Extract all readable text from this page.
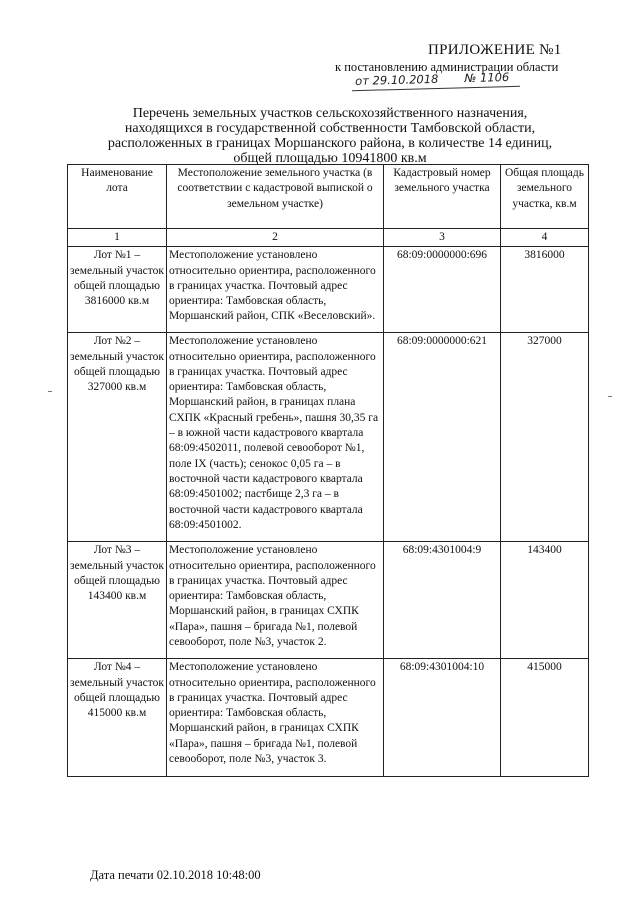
ПРИЛОЖЕНИЕ №1
к постановлению администрации области
от 29.10.2018 № 1106
Перечень земельных участков сельскохозяйственного назначения,
находящихся в государственной собственности Тамбовской области,
расположенных в границах Моршанского района, в количестве 14 единиц,
общей площадью 10941800 кв.м
Наименование лота	Местоположение земельного участка (в соответствии с кадастровой выпиской о земельном участке)	Кадастровый номер земельного участка	Общая площадь земельного участка, кв.м
1	2	3	4
Лот №1 – земельный участок общей площадью 3816000 кв.м	Местоположение установлено относительно ориентира, расположенного в границах участка. Почтовый адрес ориентира: Тамбовская область, Моршанский район, СПК «Веселовский».	68:09:0000000:696	3816000
Лот №2 – земельный участок общей площадью 327000 кв.м	Местоположение установлено относительно ориентира, расположенного в границах участка. Почтовый адрес ориентира: Тамбовская область, Моршанский район, в границах плана СХПК «Красный гребень», пашня 30,35 га – в южной части кадастрового квартала 68:09:4502011, полевой севооборот №1, поле IX (часть); сенокос 0,05 га – в восточной части кадастрового квартала 68:09:4501002; пастбище 2,3 га – в восточной части кадастрового квартала 68:09:4501002.	68:09:0000000:621	327000
Лот №3 – земельный участок общей площадью 143400 кв.м	Местоположение установлено относительно ориентира, расположенного в границах участка. Почтовый адрес ориентира: Тамбовская область, Моршанский район, в границах СХПК «Пара», пашня – бригада №1, полевой севооборот, поле №3, участок 2.	68:09:4301004:9	143400
Лот №4 – земельный участок общей площадью 415000 кв.м	Местоположение установлено относительно ориентира, расположенного в границах участка. Почтовый адрес ориентира: Тамбовская область, Моршанский район, в границах СХПК «Пара», пашня – бригада №1, полевой севооборот, поле №3, участок 3.	68:09:4301004:10	415000
Дата печати 02.10.2018 10:48:00
